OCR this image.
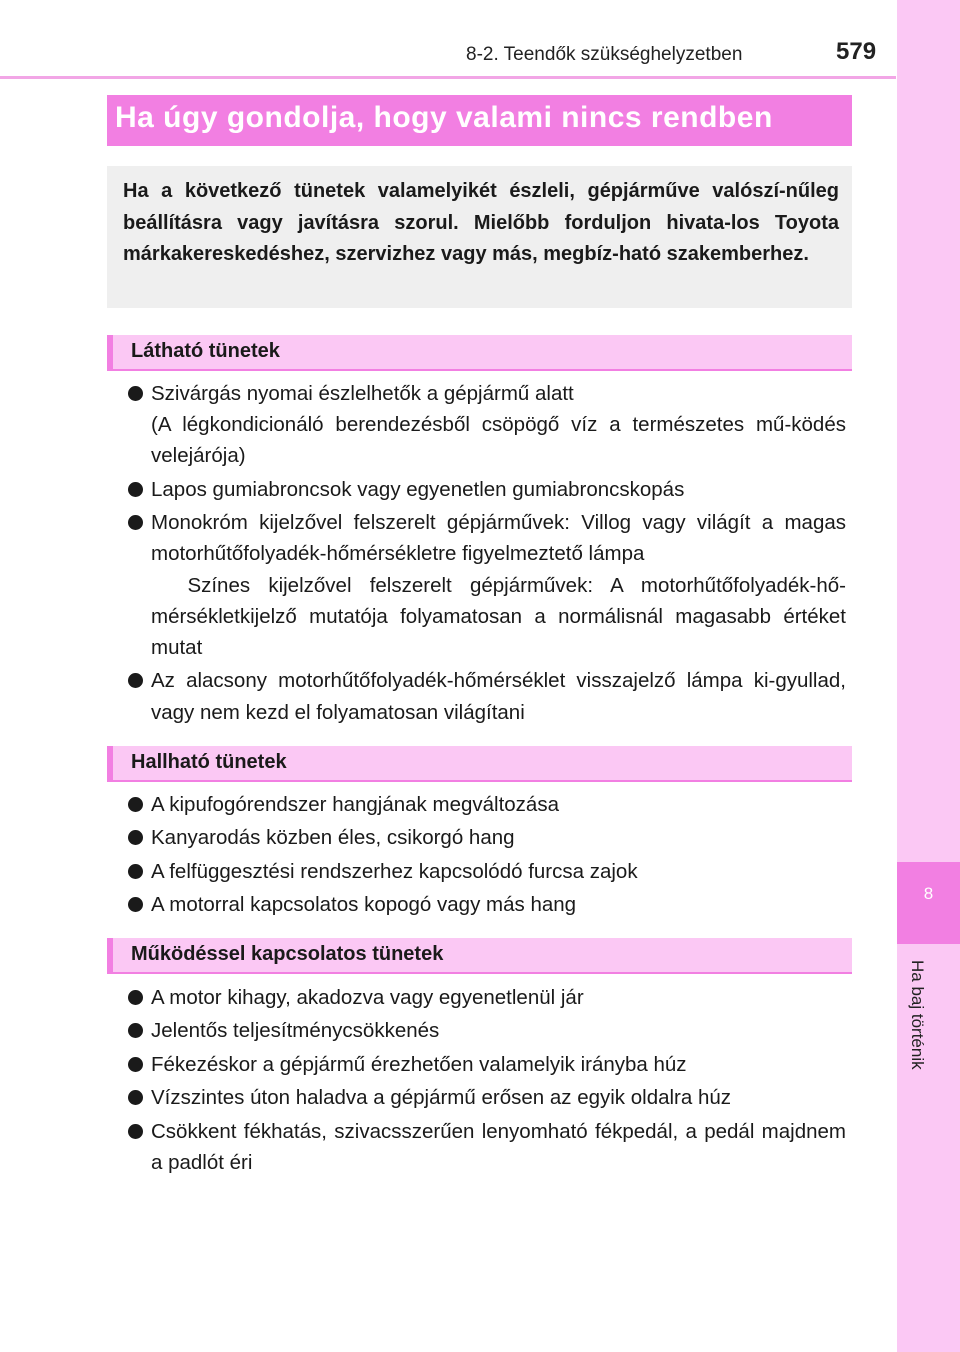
8-2. Teendők szükséghelyzetben	579
8
Ha baj történik
Ha úgy gondolja, hogy valami nincs rendben
Ha a következő tünetek valamelyikét észleli, gépjárműve valószí-nűleg beállításra vagy javításra szorul. Mielőbb forduljon hivata-los Toyota márkakereskedéshez, szervizhez vagy más, megbíz-ható szakemberhez.
Látható tünetek
Szivárgás nyomai észlelhetők a gépjármű alatt
(A légkondicionáló berendezésből csöpögő víz a természetes mű-ködés velejárója)
Lapos gumiabroncsok vagy egyenetlen gumiabroncskopás
Monokróm kijelzővel felszerelt gépjárművek: Villog vagy világít a magas motorhűtőfolyadék-hőmérsékletre figyelmeztető lámpa
Színes kijelzővel felszerelt gépjárművek: A motorhűtőfolyadék-hő-mérsékletkijelző mutatója folyamatosan a normálisnál magasabb értéket mutat
Az alacsony motorhűtőfolyadék-hőmérséklet visszajelző lámpa ki-gyullad, vagy nem kezd el folyamatosan világítani
Hallható tünetek
A kipufogórendszer hangjának megváltozása
Kanyarodás közben éles, csikorgó hang
A felfüggesztési rendszerhez kapcsolódó furcsa zajok
A motorral kapcsolatos kopogó vagy más hang
Működéssel kapcsolatos tünetek
A motor kihagy, akadozva vagy egyenetlenül jár
Jelentős teljesítménycsökkenés
Fékezéskor a gépjármű érezhetően valamelyik irányba húz
Vízszintes úton haladva a gépjármű erősen az egyik oldalra húz
Csökkent fékhatás, szivacsszerűen lenyomható fékpedál, a pedál majdnem a padlót éri
